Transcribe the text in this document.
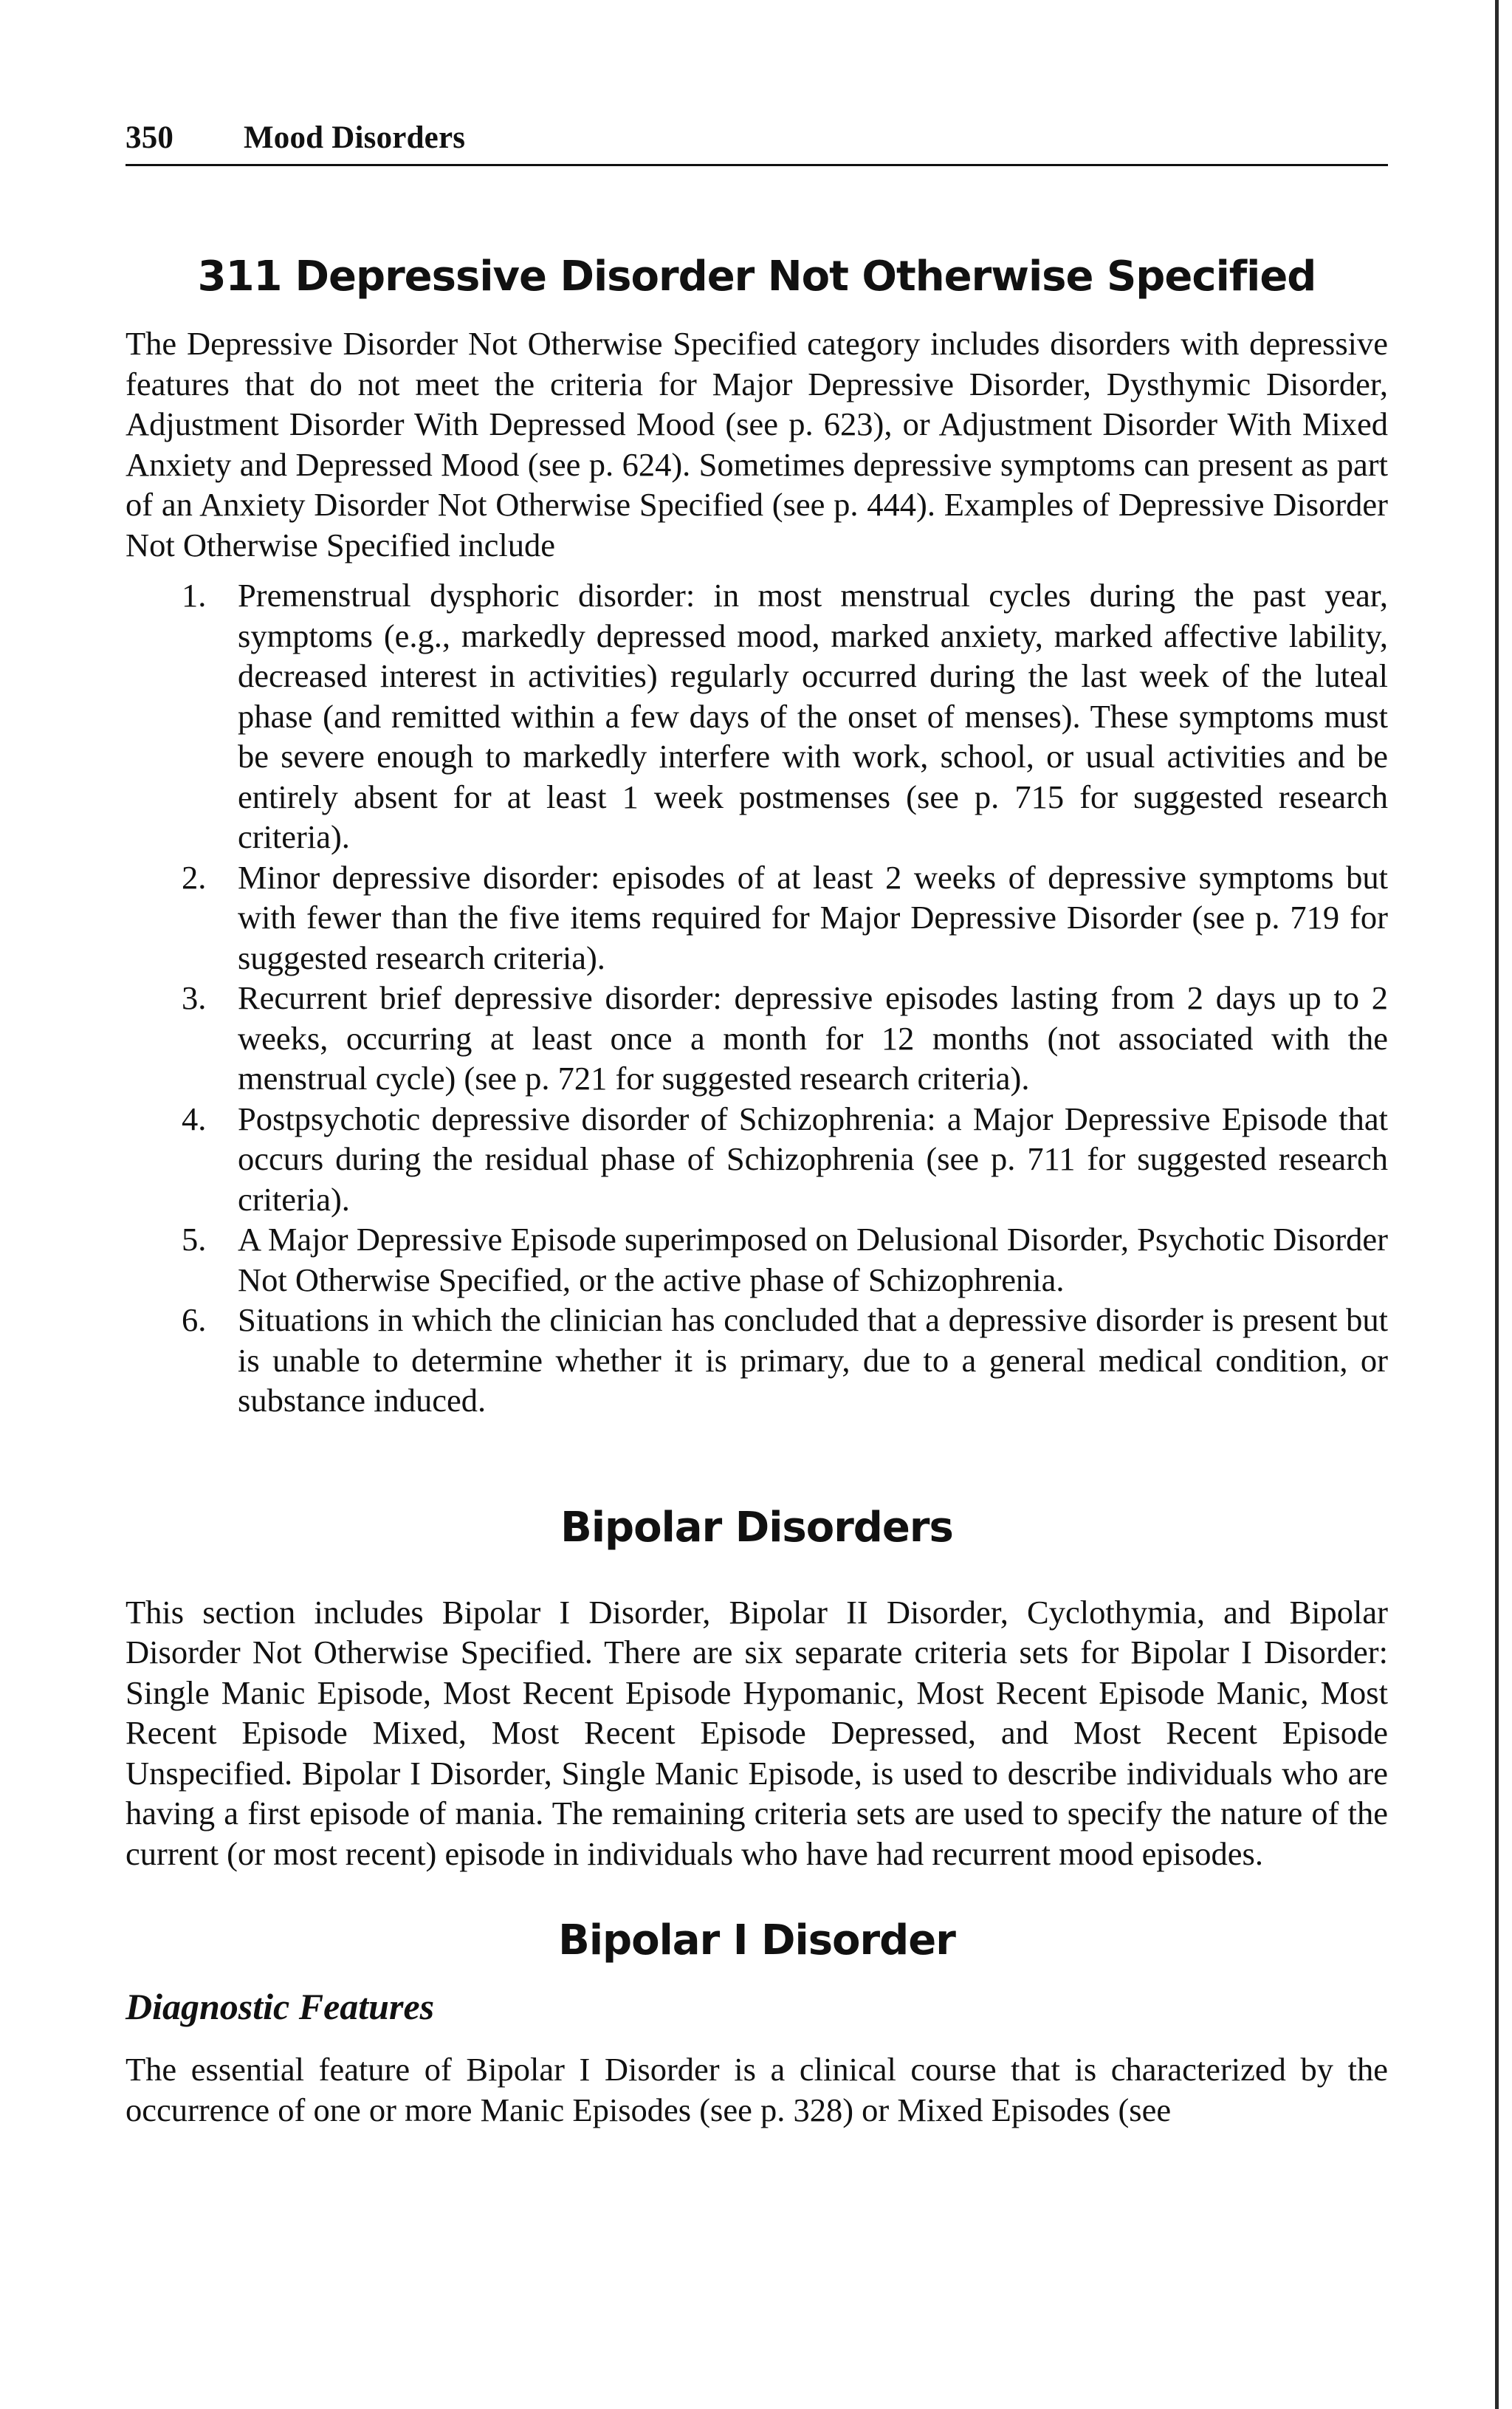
350 Mood Disorders
311 Depressive Disorder Not Otherwise Specified

The Depressive Disorder Not Otherwise Specified category includes disorders with depressive features that do not meet the criteria for Major Depressive Disorder, Dysthymic Disorder, Adjustment Disorder With Depressed Mood (see p. 623), or Adjustment Disorder With Mixed Anxiety and Depressed Mood (see p. 624). Sometimes depressive symptoms can present as part of an Anxiety Disorder Not Otherwise Specified (see p. 444). Examples of Depressive Disorder Not Otherwise Specified include

1. Premenstrual dysphoric disorder: in most menstrual cycles during the past year, symptoms (e.g., markedly depressed mood, marked anxiety, marked affective lability, decreased interest in activities) regularly occurred during the last week of the luteal phase (and remitted within a few days of the onset of menses). These symptoms must be severe enough to markedly interfere with work, school, or usual activities and be entirely absent for at least 1 week postmenses (see p. 715 for suggested research criteria).

2. Minor depressive disorder: episodes of at least 2 weeks of depressive symptoms but with fewer than the five items required for Major Depressive Disorder (see p. 719 for suggested research criteria).

3. Recurrent brief depressive disorder: depressive episodes lasting from 2 days up to 2 weeks, occurring at least once a month for 12 months (not associated with the menstrual cycle) (see p. 721 for suggested research criteria).

4. Postpsychotic depressive disorder of Schizophrenia: a Major Depressive Episode that occurs during the residual phase of Schizophrenia (see p. 711 for suggested research criteria).

5. A Major Depressive Episode superimposed on Delusional Disorder, Psychotic Disorder Not Otherwise Specified, or the active phase of Schizophrenia.

6. Situations in which the clinician has concluded that a depressive disorder is present but is unable to determine whether it is primary, due to a general medical condition, or substance induced.

Bipolar Disorders

This section includes Bipolar I Disorder, Bipolar II Disorder, Cyclothymia, and Bipolar Disorder Not Otherwise Specified. There are six separate criteria sets for Bipolar I Disorder: Single Manic Episode, Most Recent Episode Hypomanic, Most Recent Episode Manic, Most Recent Episode Mixed, Most Recent Episode Depressed, and Most Recent Episode Unspecified. Bipolar I Disorder, Single Manic Episode, is used to describe individuals who are having a first episode of mania. The remaining criteria sets are used to specify the nature of the current (or most recent) episode in individuals who have had recurrent mood episodes.

Bipolar I Disorder
Diagnostic Features

The essential feature of Bipolar I Disorder is a clinical course that is characterized by the occurrence of one or more Manic Episodes (see p. 328) or Mixed Episodes (see
